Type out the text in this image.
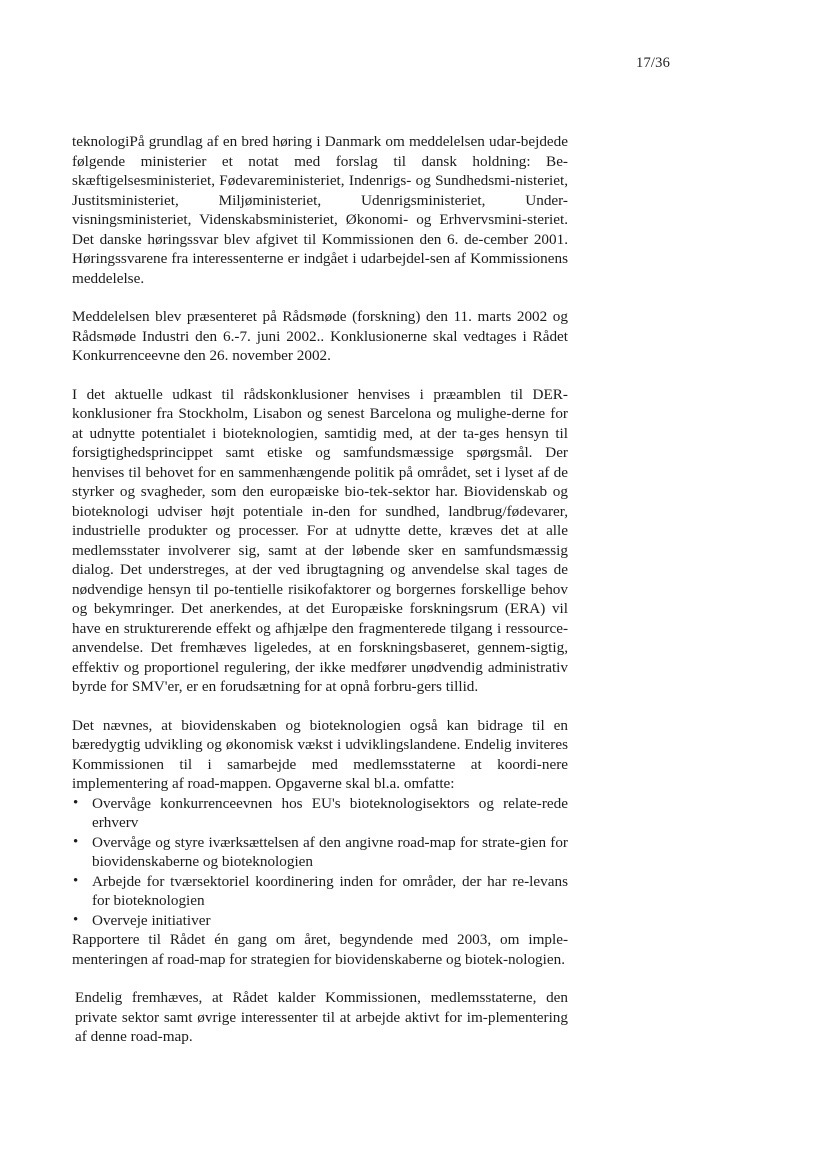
17/36

teknologiPå grundlag af en bred høring i Danmark om meddelelsen udar-bejdede følgende ministerier et notat med forslag til dansk holdning: Be-skæftigelsesministeriet, Fødevareministeriet, Indenrigs- og Sundhedsmi-nisteriet, Justitsministeriet, Miljøministeriet, Udenrigsministeriet, Under-visningsministeriet, Videnskabsministeriet, Økonomi- og Erhvervsmini-steriet. Det danske høringssvar blev afgivet til Kommissionen den 6. de-cember 2001. Høringssvarene fra interessenterne er indgået i udarbejdel-sen af Kommissionens meddelelse.

Meddelelsen blev præsenteret på Rådsmøde (forskning) den 11. marts 2002 og Rådsmøde Industri den 6.-7. juni 2002.. Konklusionerne skal vedtages i Rådet Konkurrenceevne den 26. november 2002.

I det aktuelle udkast til rådskonklusioner henvises i præamblen til DER-konklusioner fra Stockholm, Lisabon og senest Barcelona og mulighe-derne for at udnytte potentialet i bioteknologien, samtidig med, at der ta-ges hensyn til forsigtighedsprincippet samt etiske og samfundsmæssige spørgsmål. Der henvises til behovet for en sammenhængende politik på området, set i lyset af de styrker og svagheder, som den europæiske bio-tek-sektor har. Biovidenskab og bioteknologi udviser højt potentiale in-den for sundhed, landbrug/fødevarer, industrielle produkter og processer. For at udnytte dette, kræves det at alle medlemsstater involverer sig, samt at der løbende sker en samfundsmæssig dialog. Det understreges, at der ved ibrugtagning og anvendelse skal tages de nødvendige hensyn til po-tentielle risikofaktorer og borgernes forskellige behov og bekymringer. Det anerkendes, at det Europæiske forskningsrum (ERA) vil have en strukturerende effekt og afhjælpe den fragmenterede tilgang i ressource-anvendelse. Det fremhæves ligeledes, at en forskningsbaseret, gennem-sigtig, effektiv og proportionel regulering, der ikke medfører unødvendig administrativ byrde for SMV'er, er en forudsætning for at opnå forbru-gers tillid.

Det nævnes, at biovidenskaben og bioteknologien også kan bidrage til en bæredygtig udvikling og økonomisk vækst i udviklingslandene. Endelig inviteres Kommissionen til i samarbejde med medlemsstaterne at koordi-nere implementering af road-mappen. Opgaverne skal bl.a. omfatte:

• Overvåge konkurrenceevnen hos EU's bioteknologisektors og relate-rede erhverv
• Overvåge og styre iværksættelsen af den angivne road-map for strate-gien for biovidenskaberne og bioteknologien
• Arbejde for tværsektoriel koordinering inden for områder, der har re-levans for bioteknologien
• Overveje initiativer

Rapportere til Rådet én gang om året, begyndende med 2003, om imple-menteringen af road-map for strategien for biovidenskaberne og biotek-nologien.

Endelig fremhæves, at Rådet kalder Kommissionen, medlemsstaterne, den private sektor samt øvrige interessenter til at arbejde aktivt for im-plementering af denne road-map.
